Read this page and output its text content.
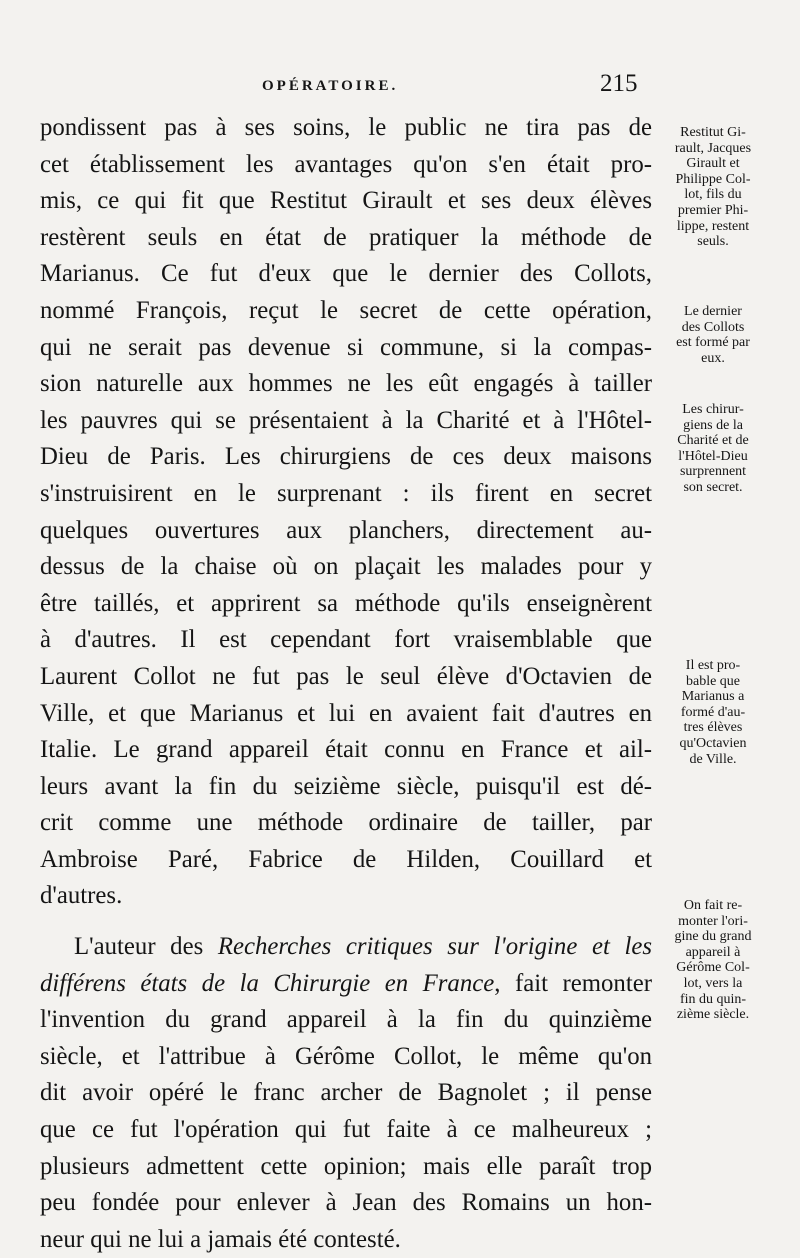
OPÉRATOIRE.	215

pondissent pas à ses soins, le public ne tira pas de
cet établissement les avantages qu'on s'en était pro-
mis, ce qui fit que Restitut Girault et ses deux élèves
restèrent seuls en état de pratiquer la méthode de
Marianus. Ce fut d'eux que le dernier des Collots,
nommé François, reçut le secret de cette opération,
qui ne serait pas devenue si commune, si la compas-
sion naturelle aux hommes ne les eût engagés à tailler
les pauvres qui se présentaient à la Charité et à l'Hôtel-
Dieu de Paris. Les chirurgiens de ces deux maisons
s'instruisirent en le surprenant : ils firent en secret
quelques ouvertures aux planchers, directement au-
dessus de la chaise où on plaçait les malades pour y
être taillés, et apprirent sa méthode qu'ils enseignèrent
à d'autres. Il est cependant fort vraisemblable que
Laurent Collot ne fut pas le seul élève d'Octavien de
Ville, et que Marianus et lui en avaient fait d'autres en
Italie. Le grand appareil était connu en France et ail-
leurs avant la fin du seizième siècle, puisqu'il est dé-
crit comme une méthode ordinaire de tailler, par
Ambroise Paré, Fabrice de Hilden, Couillard et
d'autres.

L'auteur des Recherches critiques sur l'origine et les
différens états de la Chirurgie en France, fait remonter
l'invention du grand appareil à la fin du quinzième
siècle, et l'attribue à Gérôme Collot, le même qu'on
dit avoir opéré le franc archer de Bagnolet ; il pense
que ce fut l'opération qui fut faite à ce malheureux ;
plusieurs admettent cette opinion; mais elle paraît trop
peu fondée pour enlever à Jean des Romains un hon-
neur qui ne lui a jamais été contesté.

Restitut Gi-
rault, Jacques
Girault et
Philippe Col-
lot, fils du
premier Phi-
lippe, restent
seuls.
Le dernier
des Collots
est formé par
eux.
Les chirur-
giens de la
Charité et de
l'Hôtel-Dieu
surprennent
son secret.
Il est pro-
bable que
Marianus a
formé d'au-
tres élèves
qu'Octavien
de Ville.
On fait re-
monter l'ori-
gine du grand
appareil à
Gérôme Col-
lot, vers la
fin du quin-
zième siècle.
